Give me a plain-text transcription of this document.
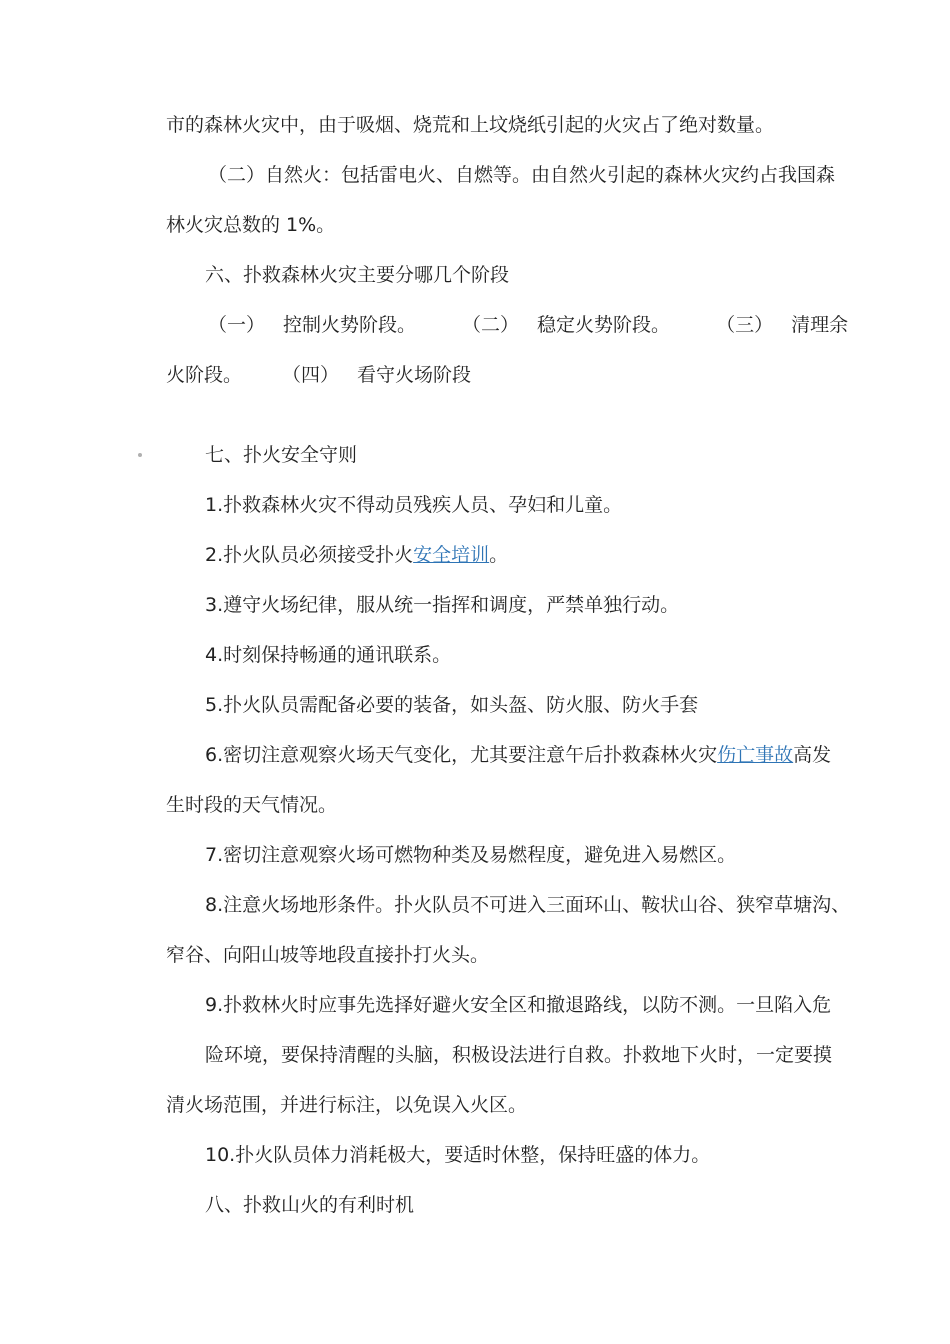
市的森林火灾中，由于吸烟、烧荒和上坟烧纸引起的火灾占了绝对数量。
（二）自然火：包括雷电火、自燃等。由自然火引起的森林火灾约占我国森
林火灾总数的 1%。
六、扑救森林火灾主要分哪几个阶段
（一） 控制火势阶段。 （二） 稳定火势阶段。 （三） 清理余
火阶段。 （四） 看守火场阶段
七、扑火安全守则
1.扑救森林火灾不得动员残疾人员、孕妇和儿童。
2.扑火队员必须接受扑火安全培训。
3.遵守火场纪律，服从统一指挥和调度，严禁单独行动。
4.时刻保持畅通的通讯联系。
5.扑火队员需配备必要的装备，如头盔、防火服、防火手套
6.密切注意观察火场天气变化，尤其要注意午后扑救森林火灾伤亡事故高发
生时段的天气情况。
7.密切注意观察火场可燃物种类及易燃程度，避免进入易燃区。
8.注意火场地形条件。扑火队员不可进入三面环山、鞍状山谷、狭窄草塘沟、
窄谷、向阳山坡等地段直接扑打火头。
9.扑救林火时应事先选择好避火安全区和撤退路线，以防不测。一旦陷入危
险环境，要保持清醒的头脑，积极设法进行自救。扑救地下火时，一定要摸
清火场范围，并进行标注，以免误入火区。
10.扑火队员体力消耗极大，要适时休整，保持旺盛的体力。
八、扑救山火的有利时机
